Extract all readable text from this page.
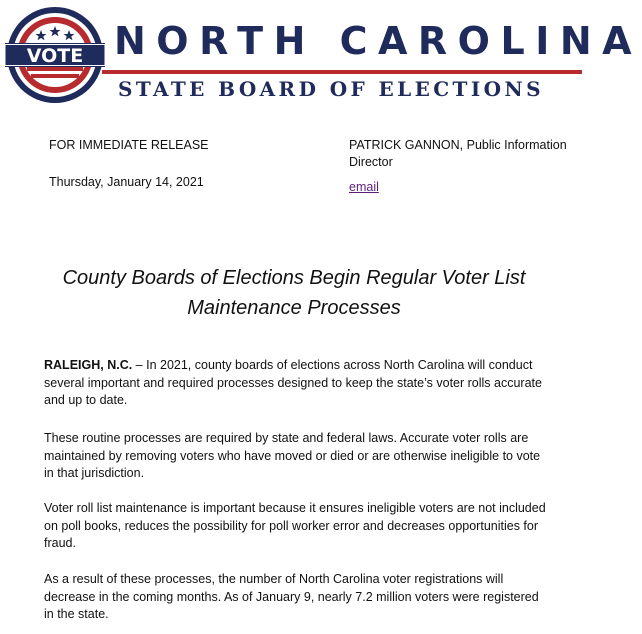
VOTE NORTH CAROLINA
STATE BOARD OF ELECTIONS
FOR IMMEDIATE RELEASE
Thursday, January 14, 2021
PATRICK GANNON, Public Information Director
email
County Boards of Elections Begin Regular Voter List Maintenance Processes

RALEIGH, N.C. – In 2021, county boards of elections across North Carolina will conduct several important and required processes designed to keep the state’s voter rolls accurate and up to date.

These routine processes are required by state and federal laws. Accurate voter rolls are maintained by removing voters who have moved or died or are otherwise ineligible to vote in that jurisdiction.

Voter roll list maintenance is important because it ensures ineligible voters are not included on poll books, reduces the possibility for poll worker error and decreases opportunities for fraud.

As a result of these processes, the number of North Carolina voter registrations will decrease in the coming months. As of January 9, nearly 7.2 million voters were registered in the state.
